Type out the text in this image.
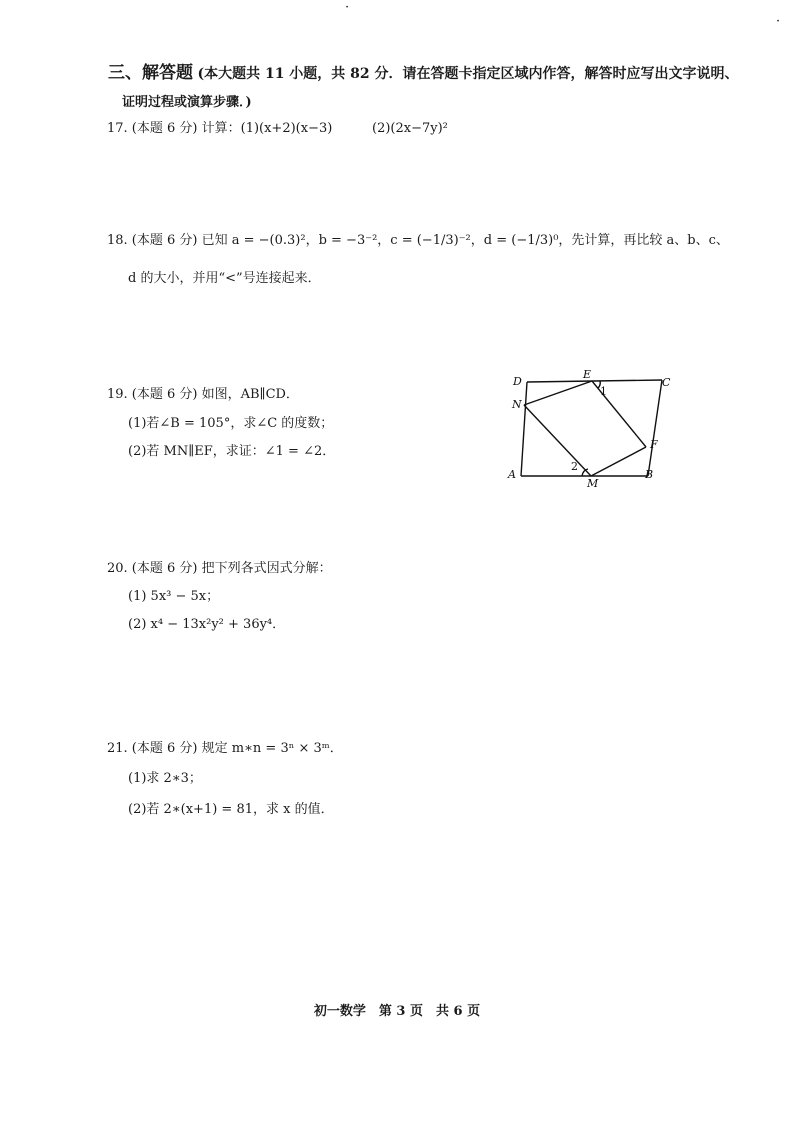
·
·
三、解答题 (本大题共 11 小题，共 82 分．请在答题卡指定区域内作答，解答时应写出文字说明、
证明过程或演算步骤．)
17. (本题 6 分) 计算：(1)(x+2)(x−3)	(2)(2x−7y)²
18. (本题 6 分) 已知 a = −(0.3)²，b = −3⁻²，c = (−1/3)⁻²，d = (−1/3)⁰，先计算，再比较 a、b、c、
d 的大小，并用“<”号连接起来．
19. (本题 6 分) 如图，AB∥CD．
(1)若∠B = 105°，求∠C 的度数；
(2)若 MN∥EF，求证：∠1 = ∠2．
D
E
C
N
F
A
M
B
1
2
20. (本题 6 分) 把下列各式因式分解：
(1) 5x³ − 5x；
(2) x⁴ − 13x²y² + 36y⁴．
21. (本题 6 分) 规定 m∗n = 3ⁿ × 3ᵐ．
(1)求 2∗3；
(2)若 2∗(x+1) = 81，求 x 的值．
初一数学　第 3 页　共 6 页
